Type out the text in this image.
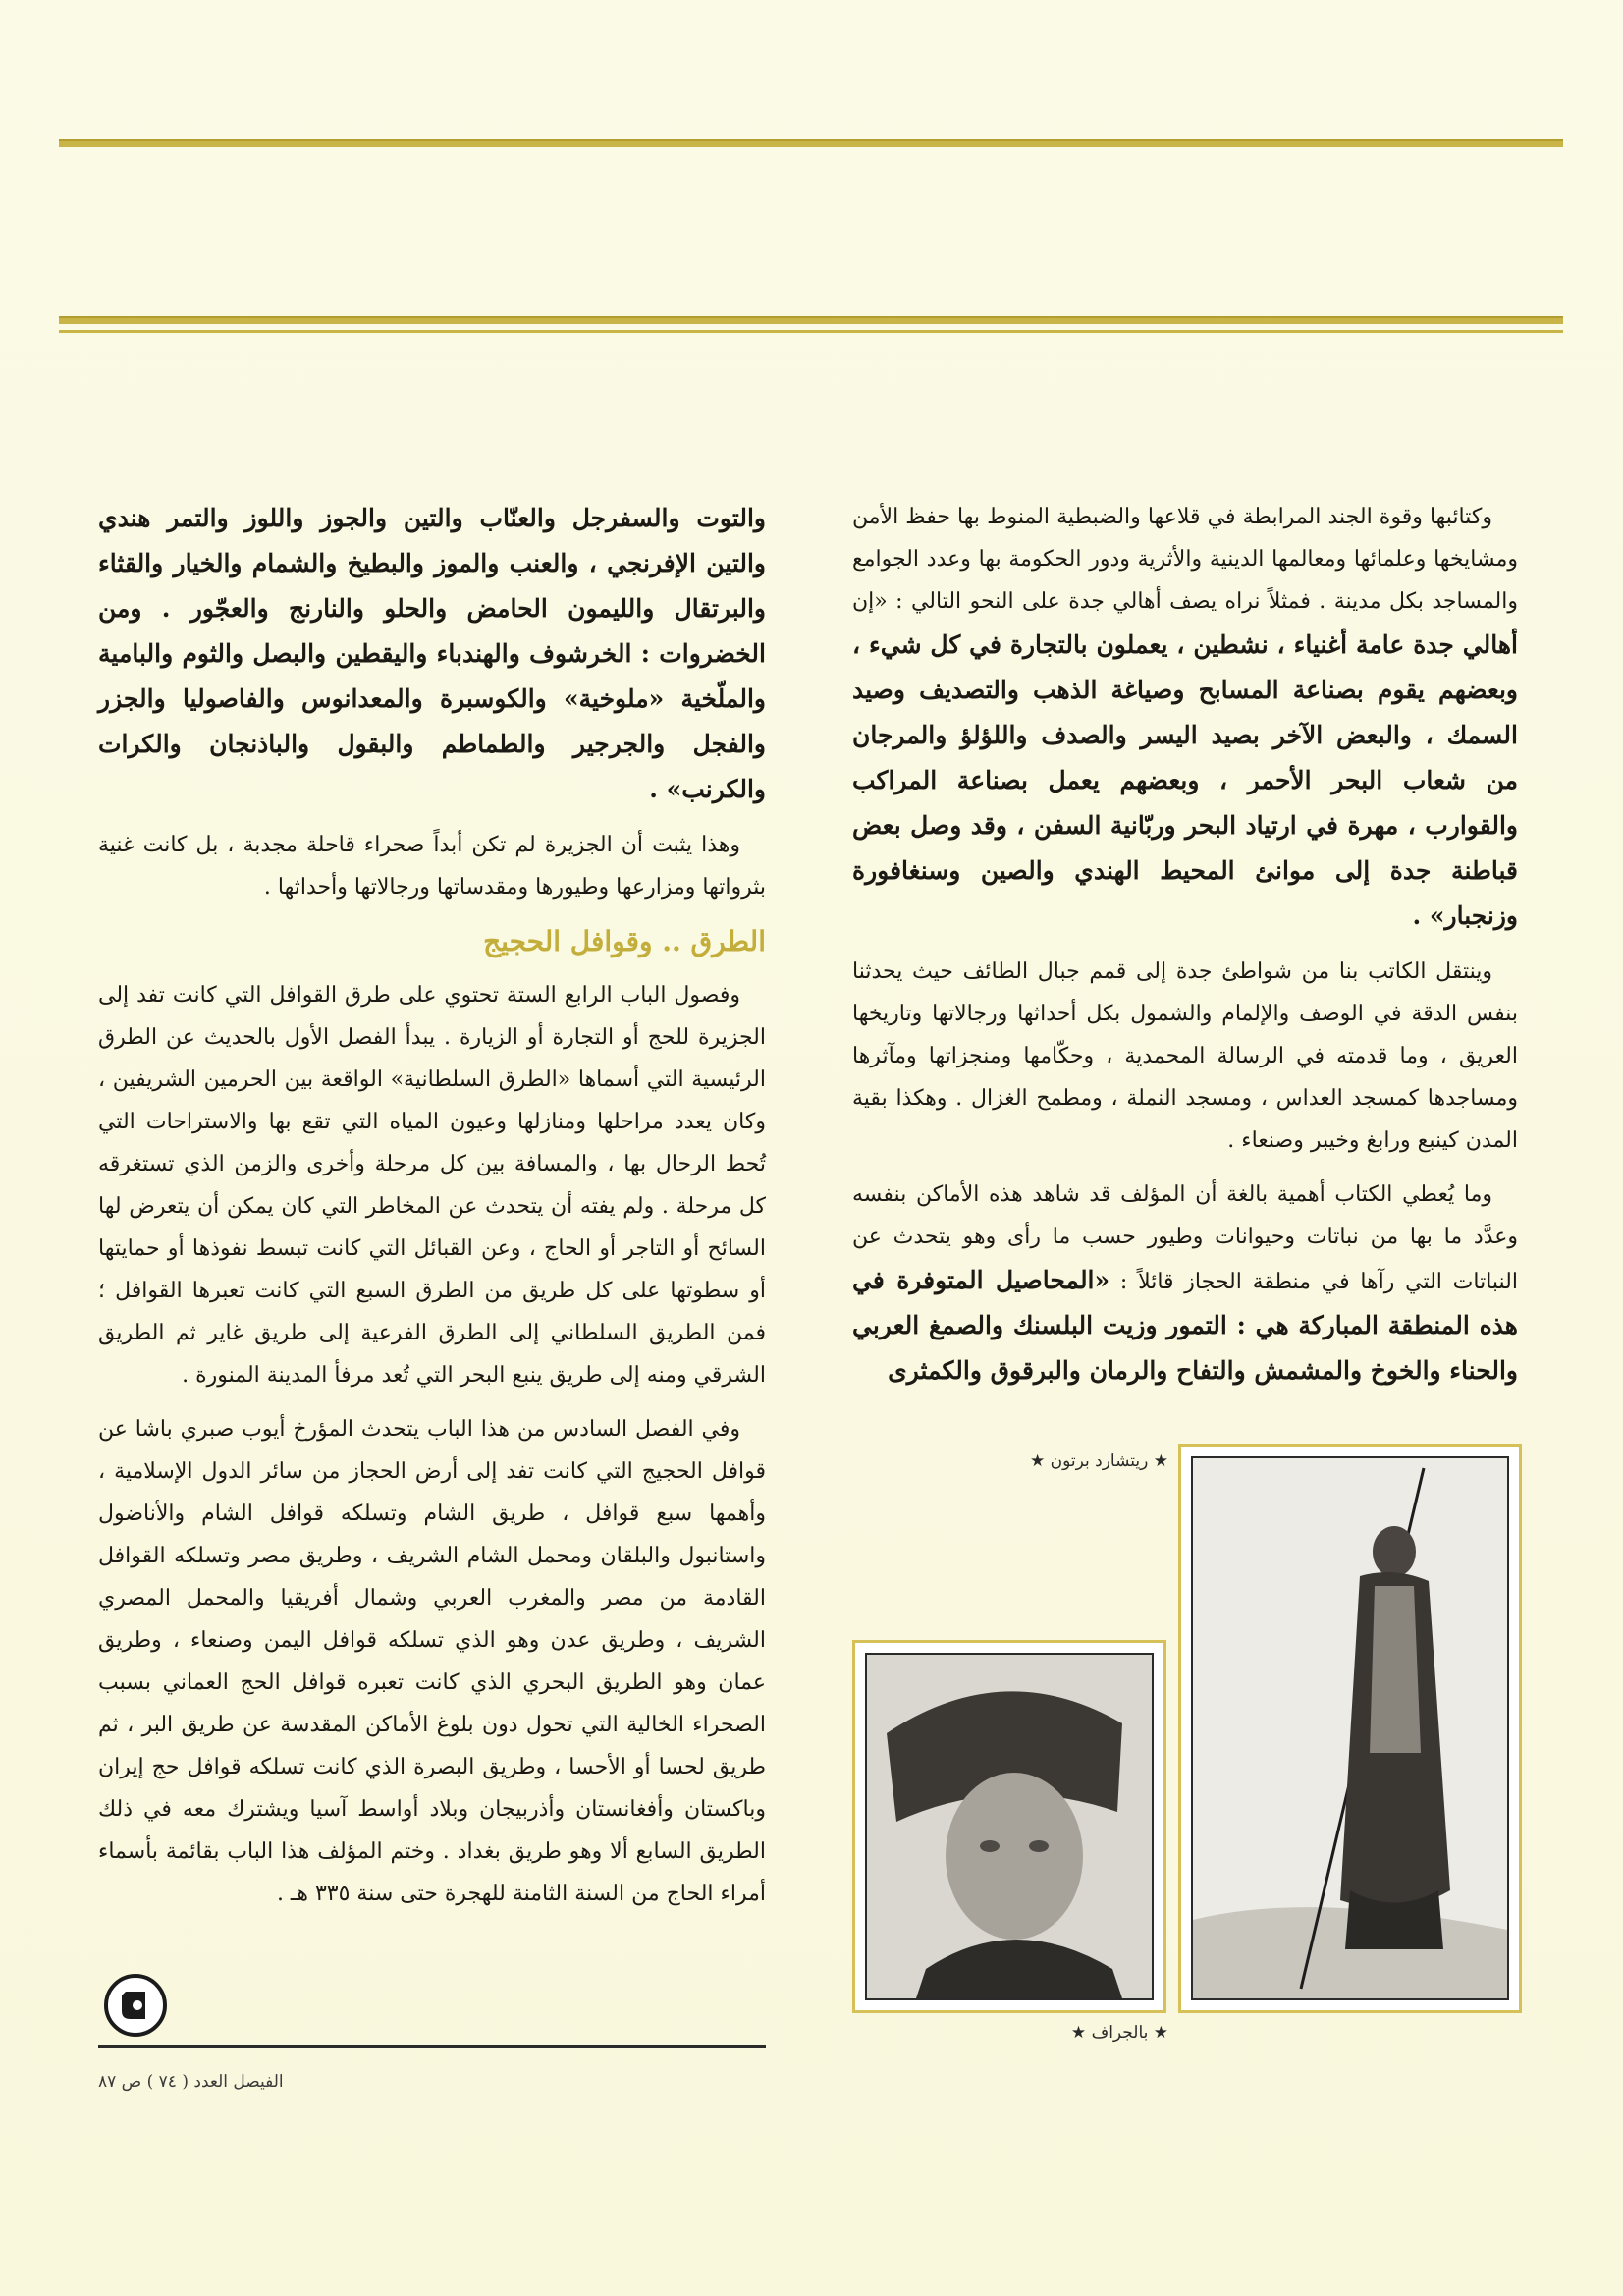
وكتائبها وقوة الجند المرابطة في قلاعها والضبطية المنوط بها حفظ الأمن ومشايخها وعلمائها ومعالمها الدينية والأثرية ودور الحكومة بها وعدد الجوامع والمساجد بكل مدينة . فمثلاً نراه يصف أهالي جدة على النحو التالي : «إن أهالي جدة عامة أغنياء ، نشطين ، يعملون بالتجارة في كل شيء ، وبعضهم يقوم بصناعة المسابح وصياغة الذهب والتصديف وصيد السمك ، والبعض الآخر بصيد اليسر والصدف واللؤلؤ والمرجان من شعاب البحر الأحمر ، وبعضهم يعمل بصناعة المراكب والقوارب ، مهرة في ارتياد البحر وربّانية السفن ، وقد وصل بعض قباطنة جدة إلى موانئ المحيط الهندي والصين وسنغافورة وزنجبار» .

وينتقل الكاتب بنا من شواطئ جدة إلى قمم جبال الطائف حيث يحدثنا بنفس الدقة في الوصف والإلمام والشمول بكل أحداثها ورجالاتها وتاريخها العريق ، وما قدمته في الرسالة المحمدية ، وحكّامها ومنجزاتها ومآثرها ومساجدها كمسجد العداس ، ومسجد النملة ، ومطمح الغزال . وهكذا بقية المدن كينبع ورابغ وخيبر وصنعاء .

وما يُعطي الكتاب أهمية بالغة أن المؤلف قد شاهد هذه الأماكن بنفسه وعدَّد ما بها من نباتات وحيوانات وطيور حسب ما رأى وهو يتحدث عن النباتات التي رآها في منطقة الحجاز قائلاً : «المحاصيل المتوفرة في هذه المنطقة المباركة هي : التمور وزيت البلسنك والصمغ العربي والحناء والخوخ والمشمش والتفاح والرمان والبرقوق والكمثرى

والتوت والسفرجل والعنّاب والتين والجوز واللوز والتمر هندي والتين الإفرنجي ، والعنب والموز والبطيخ والشمام والخيار والقثاء والبرتقال والليمون الحامض والحلو والنارنج والعجّور . ومن الخضروات : الخرشوف والهندباء واليقطين والبصل والثوم والبامية والملّخية «ملوخية» والكوسبرة والمعدانوس والفاصوليا والجزر والفجل والجرجير والطماطم والبقول والباذنجان والكرات والكرنب» .

وهذا يثبت أن الجزيرة لم تكن أبداً صحراء قاحلة مجدبة ، بل كانت غنية بثرواتها ومزارعها وطيورها ومقدساتها ورجالاتها وأحداثها .

الطرق .. وقوافل الحجيج

وفصول الباب الرابع الستة تحتوي على طرق القوافل التي كانت تفد إلى الجزيرة للحج أو التجارة أو الزيارة . يبدأ الفصل الأول بالحديث عن الطرق الرئيسية التي أسماها «الطرق السلطانية» الواقعة بين الحرمين الشريفين ، وكان يعدد مراحلها ومنازلها وعيون المياه التي تقع بها والاستراحات التي تُحط الرحال بها ، والمسافة بين كل مرحلة وأخرى والزمن الذي تستغرقه كل مرحلة . ولم يفته أن يتحدث عن المخاطر التي كان يمكن أن يتعرض لها السائح أو التاجر أو الحاج ، وعن القبائل التي كانت تبسط نفوذها أو حمايتها أو سطوتها على كل طريق من الطرق السبع التي كانت تعبرها القوافل ؛ فمن الطريق السلطاني إلى الطرق الفرعية إلى طريق غاير ثم الطريق الشرقي ومنه إلى طريق ينبع البحر التي تُعد مرفأ المدينة المنورة .

وفي الفصل السادس من هذا الباب يتحدث المؤرخ أيوب صبري باشا عن قوافل الحجيج التي كانت تفد إلى أرض الحجاز من سائر الدول الإسلامية ، وأهمها سبع قوافل ، طريق الشام وتسلكه قوافل الشام والأناضول واستانبول والبلقان ومحمل الشام الشريف ، وطريق مصر وتسلكه القوافل القادمة من مصر والمغرب العربي وشمال أفريقيا والمحمل المصري الشريف ، وطريق عدن وهو الذي تسلكه قوافل اليمن وصنعاء ، وطريق عمان وهو الطريق البحري الذي كانت تعبره قوافل الحج العماني بسبب الصحراء الخالية التي تحول دون بلوغ الأماكن المقدسة عن طريق البر ، ثم طريق لحسا أو الأحسا ، وطريق البصرة الذي كانت تسلكه قوافل حج إيران وباكستان وأفغانستان وأذربيجان وبلاد أواسط آسيا ويشترك معه في ذلك الطريق السابع ألا وهو طريق بغداد . وختم المؤلف هذا الباب بقائمة بأسماء أمراء الحاج من السنة الثامنة للهجرة حتى سنة ٣٣٥ هـ .

★ ريتشارد برتون ★
★ بالجراف ★
الفيصل العدد ( ٧٤ ) ص ٨٧
